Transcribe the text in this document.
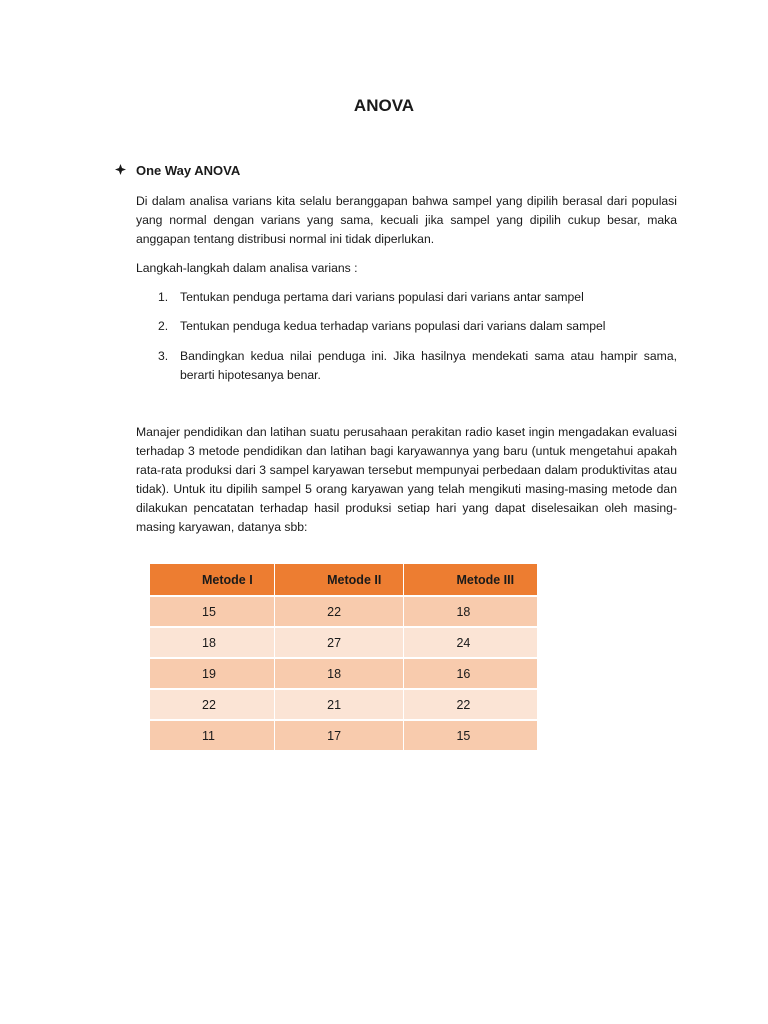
ANOVA
One Way ANOVA
Di dalam analisa varians kita selalu beranggapan bahwa sampel yang dipilih berasal dari populasi yang normal dengan varians yang sama, kecuali jika sampel yang dipilih cukup besar, maka anggapan tentang distribusi normal ini tidak diperlukan.
Langkah-langkah dalam analisa varians :
1. Tentukan penduga pertama dari varians populasi dari varians antar sampel
2. Tentukan penduga kedua terhadap varians populasi dari varians dalam sampel
3. Bandingkan kedua nilai penduga ini. Jika hasilnya mendekati sama atau hampir sama, berarti hipotesanya benar.
Manajer pendidikan dan latihan suatu perusahaan perakitan radio kaset ingin mengadakan evaluasi terhadap 3 metode pendidikan dan latihan bagi karyawannya yang baru (untuk mengetahui apakah rata-rata produksi dari 3 sampel karyawan tersebut mempunyai perbedaan dalam produktivitas atau tidak). Untuk itu dipilih sampel 5 orang karyawan yang telah mengikuti masing-masing metode dan dilakukan pencatatan terhadap hasil produksi setiap hari yang dapat diselesaikan oleh masing-masing karyawan, datanya sbb:
Metode I	Metode II	Metode III
15	22	18
18	27	24
19	18	16
22	21	22
11	17	15
